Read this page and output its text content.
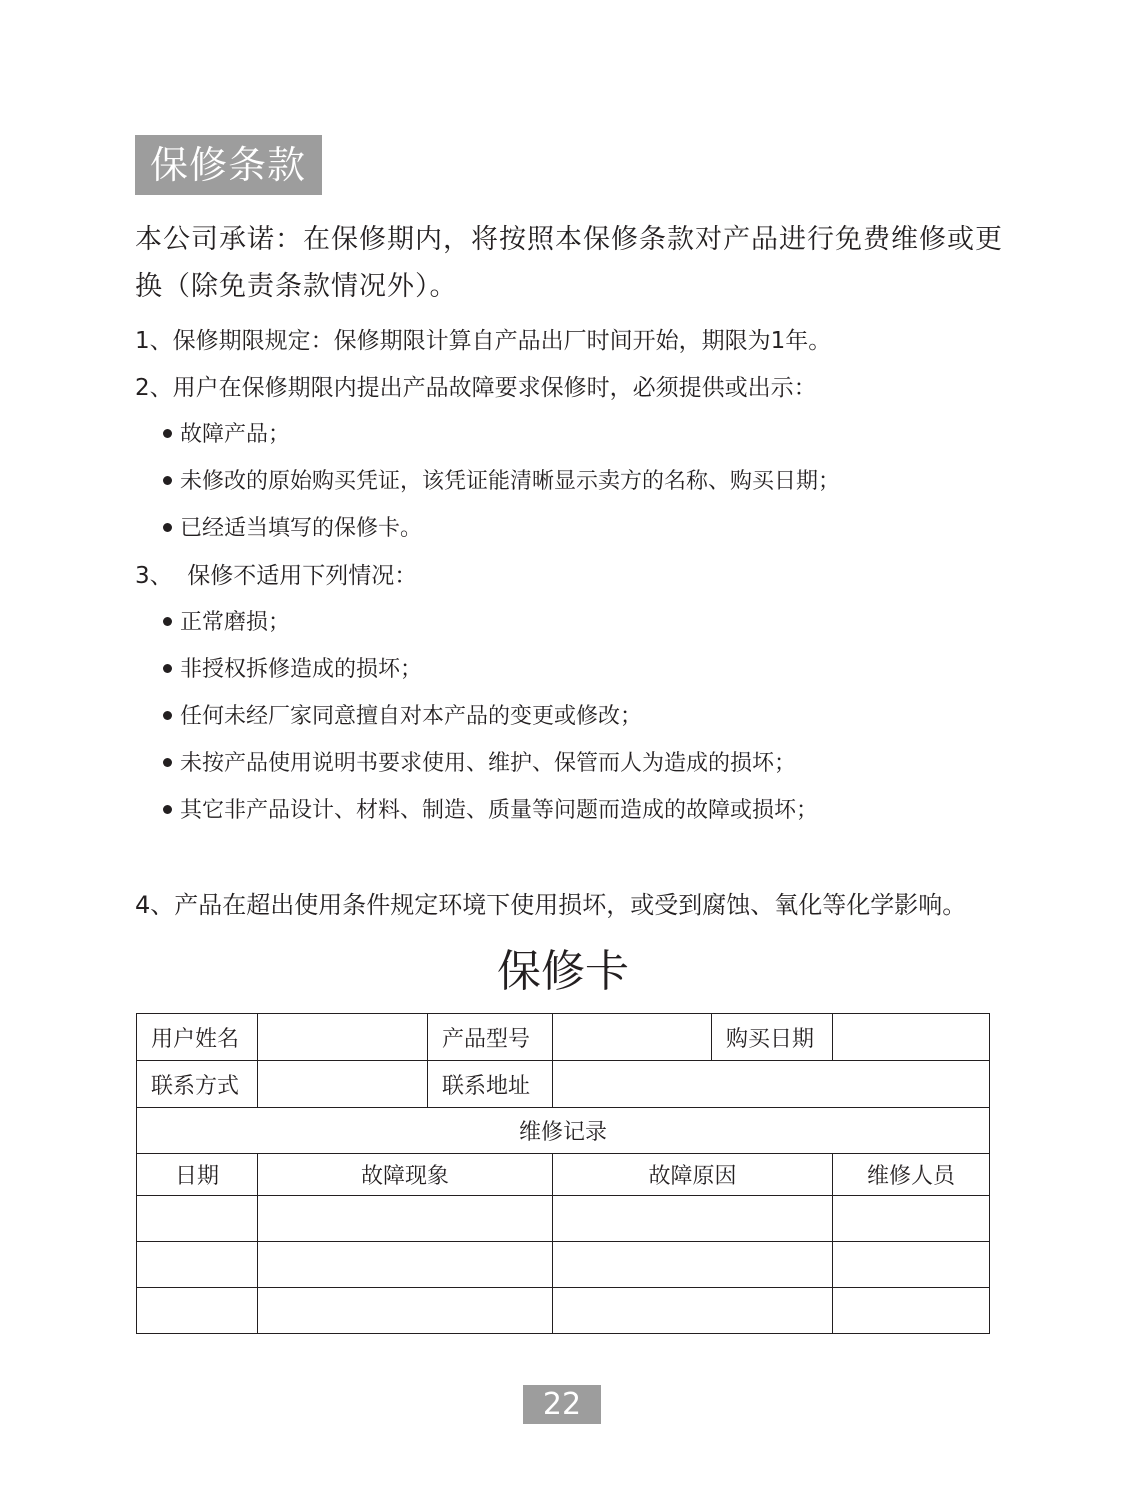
保修条款
本公司承诺：在保修期内，将按照本保修条款对产品进行免费维修或更换（除免责条款情况外）。
1、保修期限规定：保修期限计算自产品出厂时间开始，期限为1年。
2、用户在保修期限内提出产品故障要求保修时，必须提供或出示：
故障产品；
未修改的原始购买凭证，该凭证能清晰显示卖方的名称、购买日期；
已经适当填写的保修卡。
3、  保修不适用下列情况：
正常磨损；
非授权拆修造成的损坏；
任何未经厂家同意擅自对本产品的变更或修改；
未按产品使用说明书要求使用、维护、保管而人为造成的损坏；
其它非产品设计、材料、制造、质量等问题而造成的故障或损坏；
4、产品在超出使用条件规定环境下使用损坏，或受到腐蚀、氧化等化学影响。
保修卡
用户姓名		产品型号		购买日期	
联系方式		联系地址			
维修记录					
日期	故障现象		故障原因		维修人员

22
